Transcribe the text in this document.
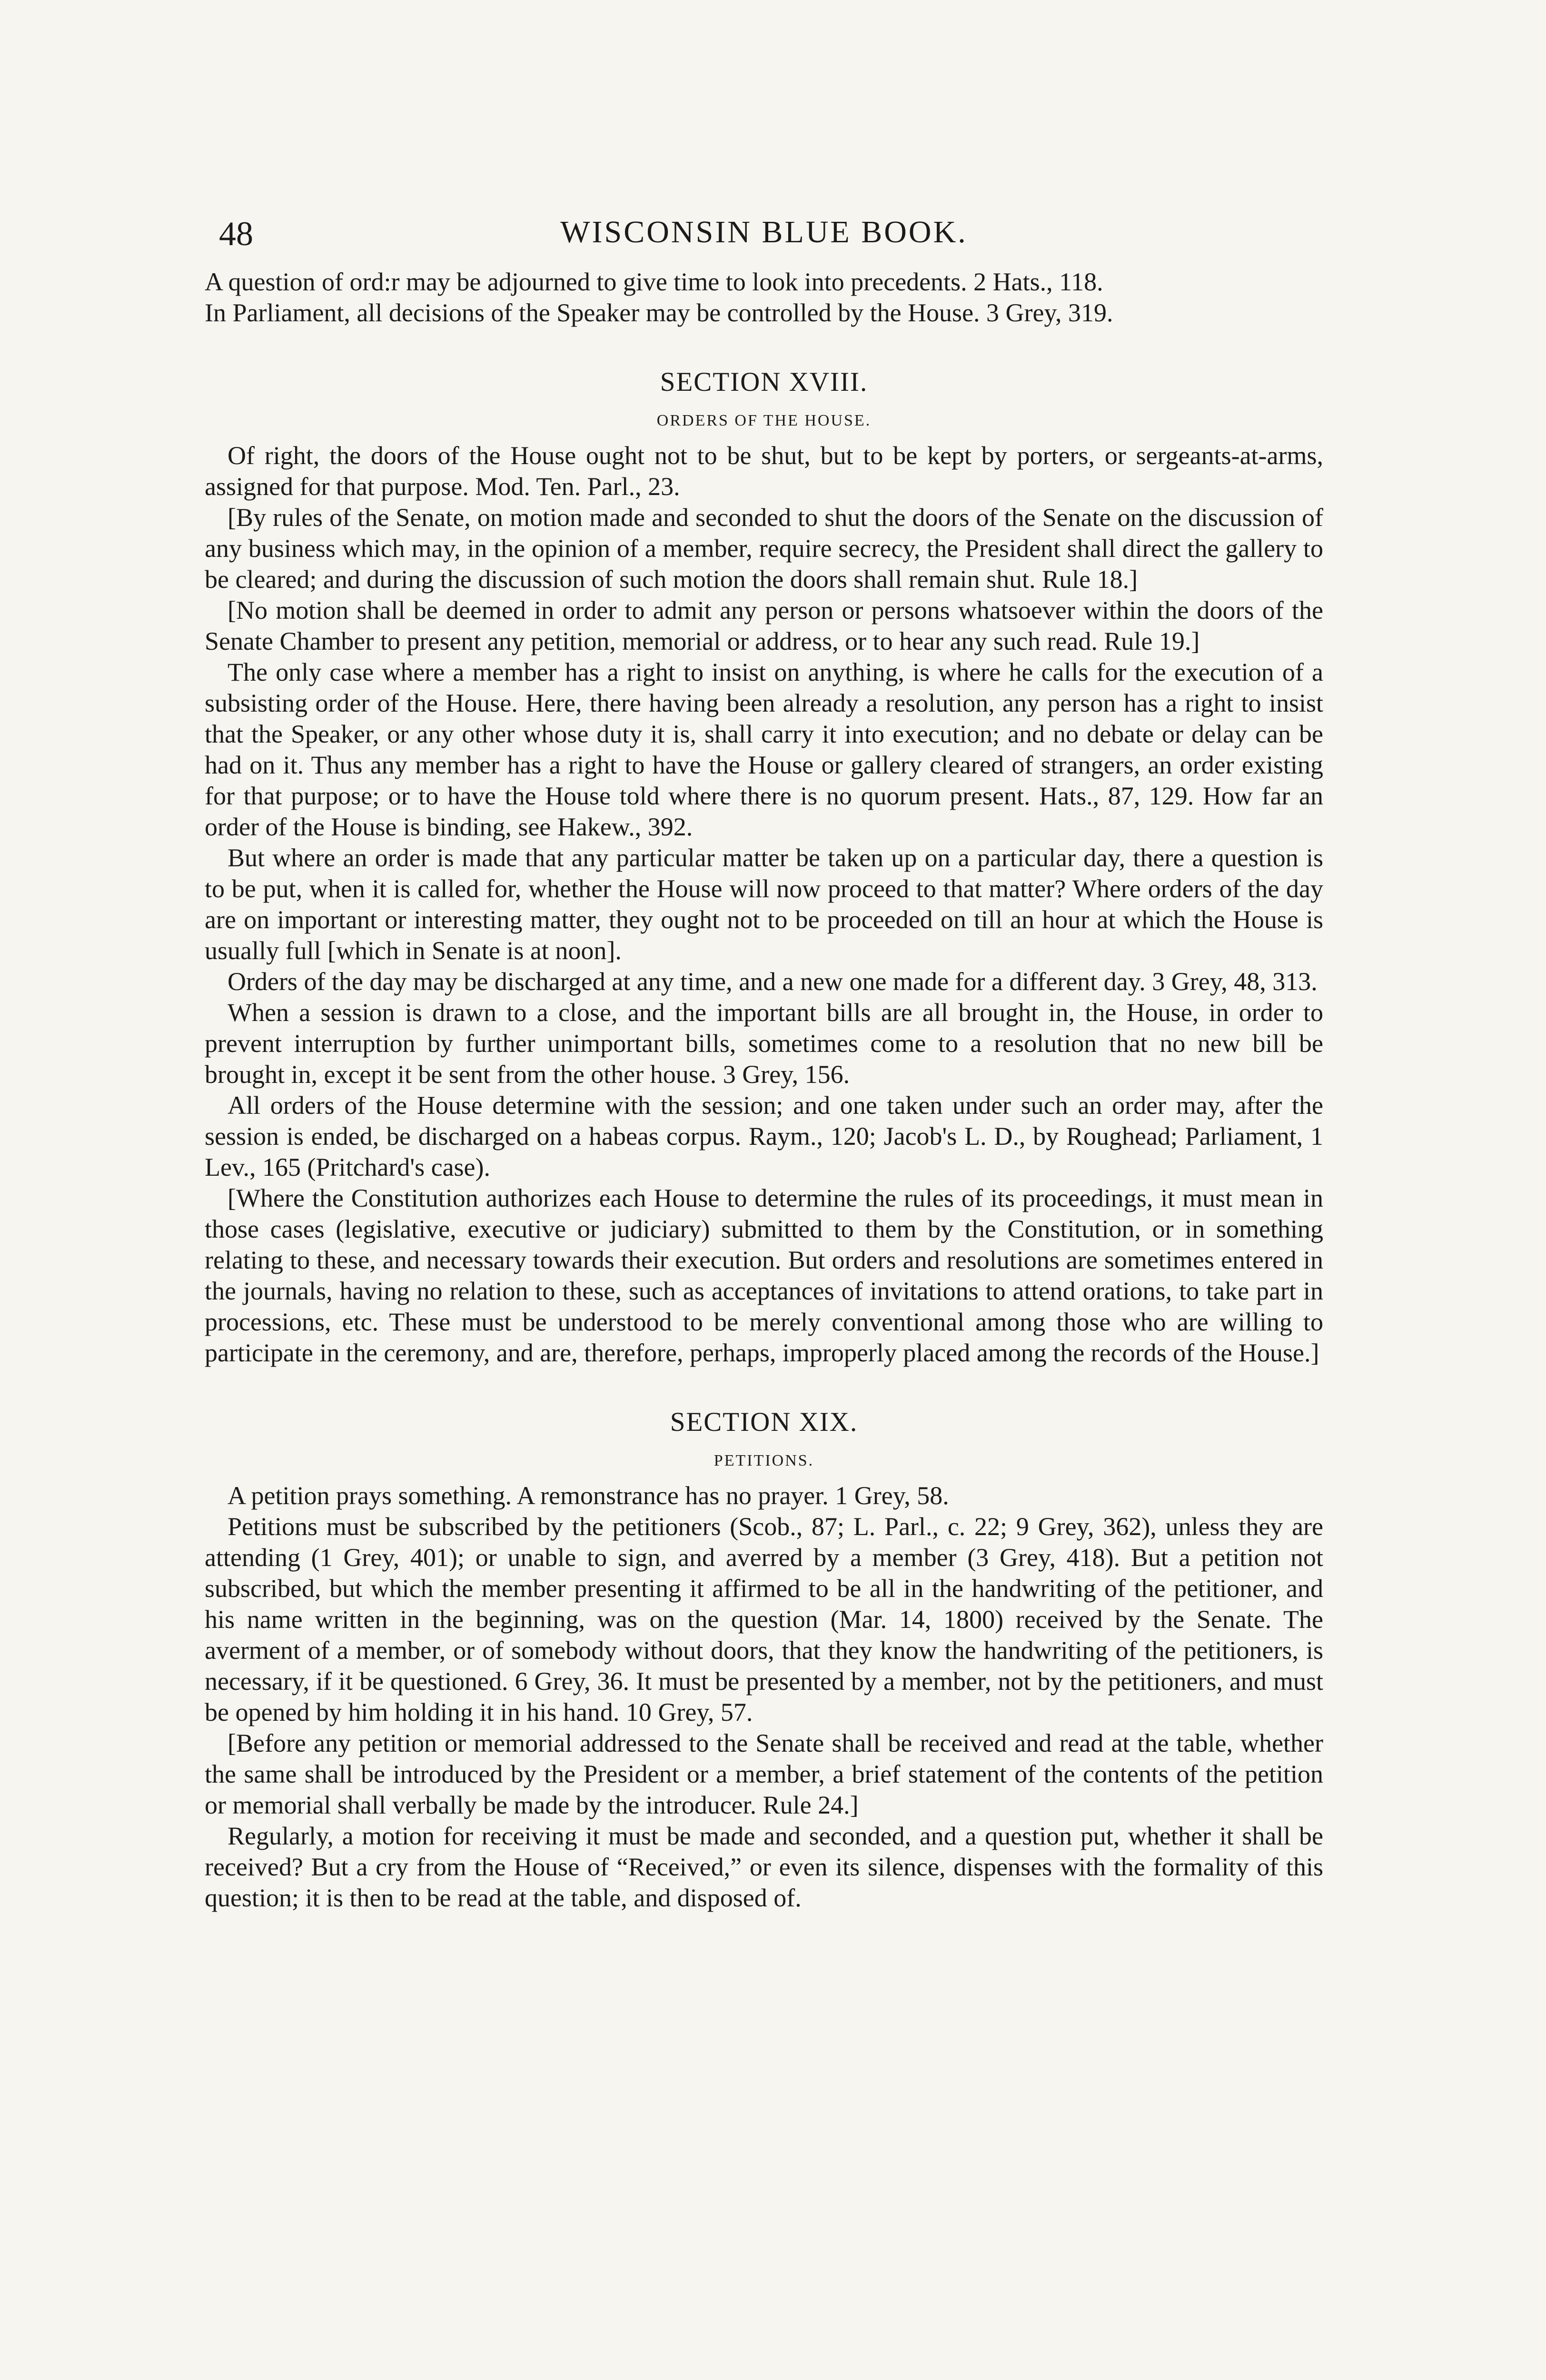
48	WISCONSIN BLUE BOOK.

A question of ord:r may be adjourned to give time to look into precedents. 2 Hats., 118.

In Parliament, all decisions of the Speaker may be controlled by the House. 3 Grey, 319.

SECTION XVIII.
ORDERS OF THE HOUSE.

Of right, the doors of the House ought not to be shut, but to be kept by porters, or sergeants-at-arms, assigned for that purpose. Mod. Ten. Parl., 23.

[By rules of the Senate, on motion made and seconded to shut the doors of the Senate on the discussion of any business which may, in the opinion of a member, require secrecy, the President shall direct the gallery to be cleared; and during the discussion of such motion the doors shall remain shut. Rule 18.]

[No motion shall be deemed in order to admit any person or persons whatsoever within the doors of the Senate Chamber to present any petition, memorial or address, or to hear any such read. Rule 19.]

The only case where a member has a right to insist on anything, is where he calls for the execution of a subsisting order of the House. Here, there having been already a resolution, any person has a right to insist that the Speaker, or any other whose duty it is, shall carry it into execution; and no debate or delay can be had on it. Thus any member has a right to have the House or gallery cleared of strangers, an order existing for that purpose; or to have the House told where there is no quorum present. Hats., 87, 129. How far an order of the House is binding, see Hakew., 392.

But where an order is made that any particular matter be taken up on a particular day, there a question is to be put, when it is called for, whether the House will now proceed to that matter? Where orders of the day are on important or interesting matter, they ought not to be proceeded on till an hour at which the House is usually full [which in Senate is at noon].

Orders of the day may be discharged at any time, and a new one made for a different day. 3 Grey, 48, 313.

When a session is drawn to a close, and the important bills are all brought in, the House, in order to prevent interruption by further unimportant bills, sometimes come to a resolution that no new bill be brought in, except it be sent from the other house. 3 Grey, 156.

All orders of the House determine with the session; and one taken under such an order may, after the session is ended, be discharged on a habeas corpus. Raym., 120; Jacob's L. D., by Roughead; Parliament, 1 Lev., 165 (Pritchard's case).

[Where the Constitution authorizes each House to determine the rules of its proceedings, it must mean in those cases (legislative, executive or judiciary) submitted to them by the Constitution, or in something relating to these, and necessary towards their execution. But orders and resolutions are sometimes entered in the journals, having no relation to these, such as acceptances of invitations to attend orations, to take part in processions, etc. These must be understood to be merely conventional among those who are willing to participate in the ceremony, and are, therefore, perhaps, improperly placed among the records of the House.]

SECTION XIX.
PETITIONS.

A petition prays something. A remonstrance has no prayer. 1 Grey, 58.

Petitions must be subscribed by the petitioners (Scob., 87; L. Parl., c. 22; 9 Grey, 362), unless they are attending (1 Grey, 401); or unable to sign, and averred by a member (3 Grey, 418). But a petition not subscribed, but which the member presenting it affirmed to be all in the handwriting of the petitioner, and his name written in the beginning, was on the question (Mar. 14, 1800) received by the Senate. The averment of a member, or of somebody without doors, that they know the handwriting of the petitioners, is necessary, if it be questioned. 6 Grey, 36. It must be presented by a member, not by the petitioners, and must be opened by him holding it in his hand. 10 Grey, 57.

[Before any petition or memorial addressed to the Senate shall be received and read at the table, whether the same shall be introduced by the President or a member, a brief statement of the contents of the petition or memorial shall verbally be made by the introducer. Rule 24.]

Regularly, a motion for receiving it must be made and seconded, and a question put, whether it shall be received? But a cry from the House of “Received,” or even its silence, dispenses with the formality of this question; it is then to be read at the table, and disposed of.
